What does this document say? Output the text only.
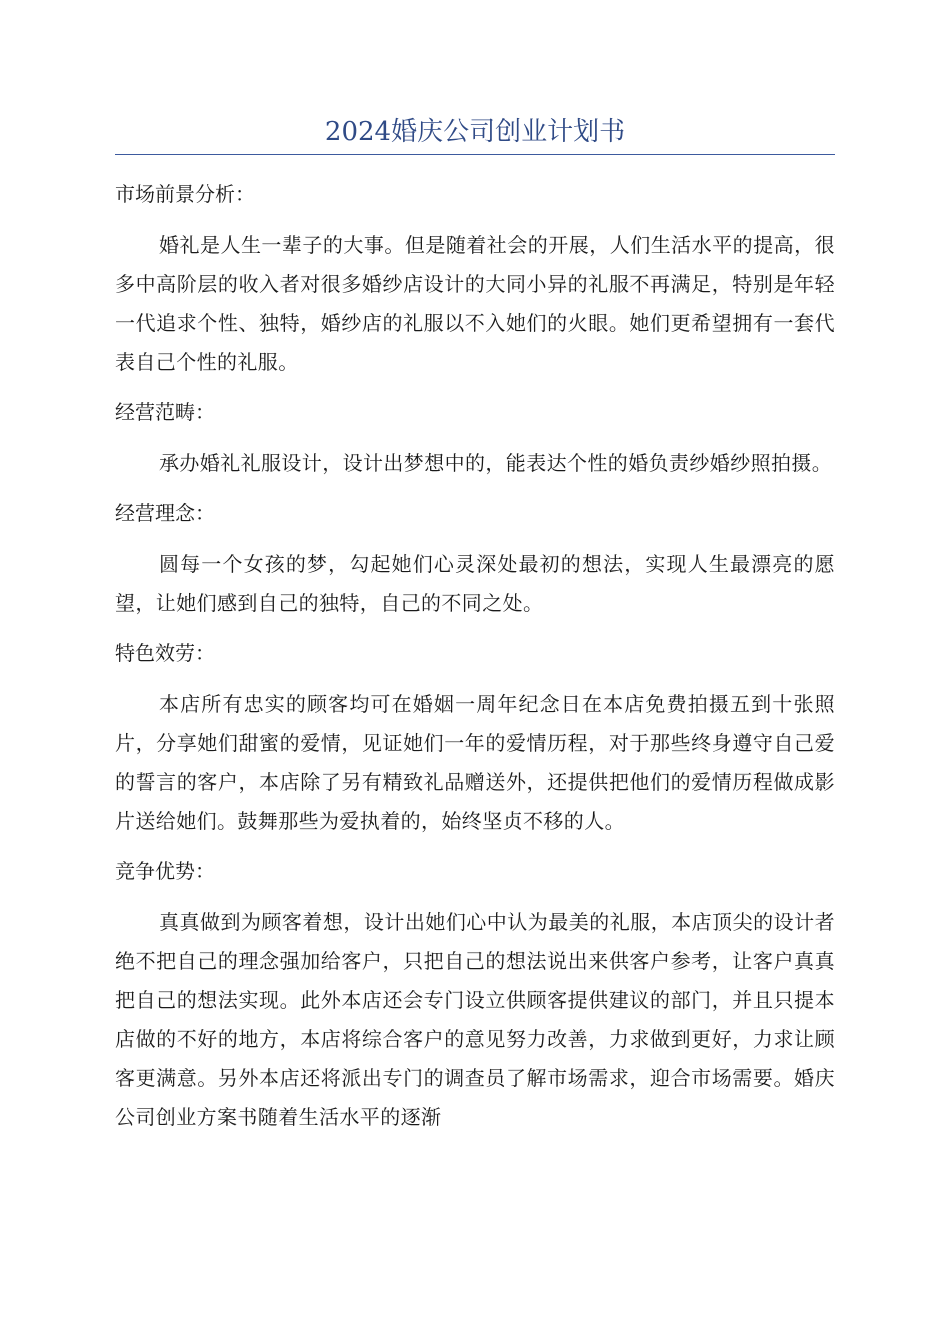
2024婚庆公司创业计划书

市场前景分析：

婚礼是人生一辈子的大事。但是随着社会的开展，人们生活水平的提高，很多中高阶层的收入者对很多婚纱店设计的大同小异的礼服不再满足，特别是年轻一代追求个性、独特，婚纱店的礼服以不入她们的火眼。她们更希望拥有一套代表自己个性的礼服。

经营范畴：

承办婚礼礼服设计，设计出梦想中的，能表达个性的婚负责纱婚纱照拍摄。

经营理念：

圆每一个女孩的梦，勾起她们心灵深处最初的想法，实现人生最漂亮的愿望，让她们感到自己的独特，自己的不同之处。

特色效劳：

本店所有忠实的顾客均可在婚姻一周年纪念日在本店免费拍摄五到十张照片，分享她们甜蜜的爱情，见证她们一年的爱情历程，对于那些终身遵守自己爱的誓言的客户，本店除了另有精致礼品赠送外，还提供把他们的爱情历程做成影片送给她们。鼓舞那些为爱执着的，始终坚贞不移的人。

竞争优势：

真真做到为顾客着想，设计出她们心中认为最美的礼服，本店顶尖的设计者绝不把自己的理念强加给客户，只把自己的想法说出来供客户参考，让客户真真把自己的想法实现。此外本店还会专门设立供顾客提供建议的部门，并且只提本店做的不好的地方，本店将综合客户的意见努力改善，力求做到更好，力求让顾客更满意。另外本店还将派出专门的调查员了解市场需求，迎合市场需要。婚庆公司创业方案书随着生活水平的逐渐
